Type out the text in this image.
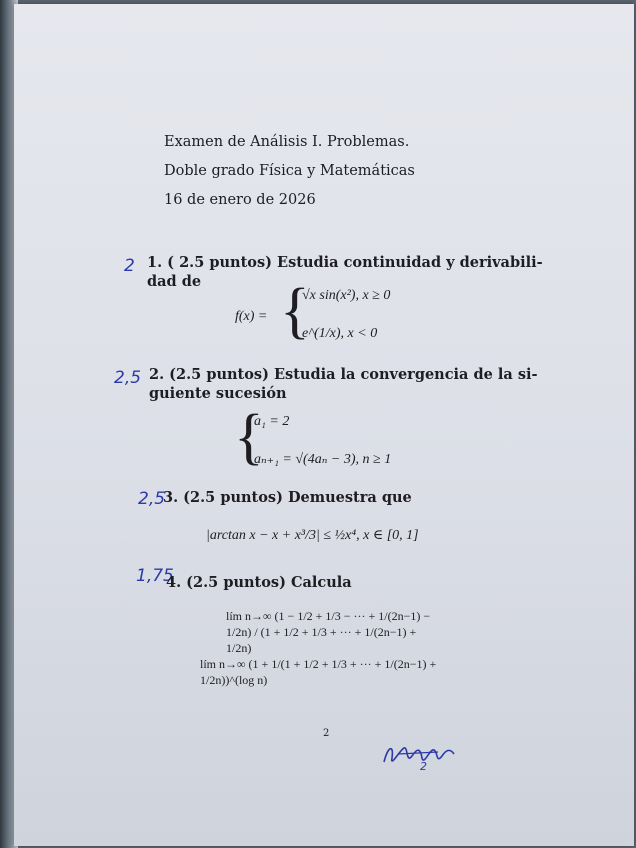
Examen de Análisis I. Problemas.
Doble grado Física y Matemáticas
16 de enero de 2026
2 1. ( 2.5 puntos) Estudia continuidad y derivabili-
dad de
f(x) = {
√x sin(x²), x ≥ 0
e^(1/x), x < 0
2,5 2. (2.5 puntos) Estudia la convergencia de la si-
guiente sucesión
{
a₁ = 2
aₙ₊₁ = √(4aₙ − 3), n ≥ 1
2,5
3. (2.5 puntos) Demuestra que
|arctan x − x + x³/3| ≤ ½x⁴, x ∈ [0, 1]
1,75
4. (2.5 puntos) Calcula
lím n→∞ (1 − 1/2 + 1/3 − ··· + 1/(2n−1) − 1/2n) / (1 + 1/2 + 1/3 + ··· + 1/(2n−1) + 1/2n)
lím n→∞ (1 + 1/(1 + 1/2 + 1/3 + ··· + 1/(2n−1) + 1/2n))^(log n)
2
2
